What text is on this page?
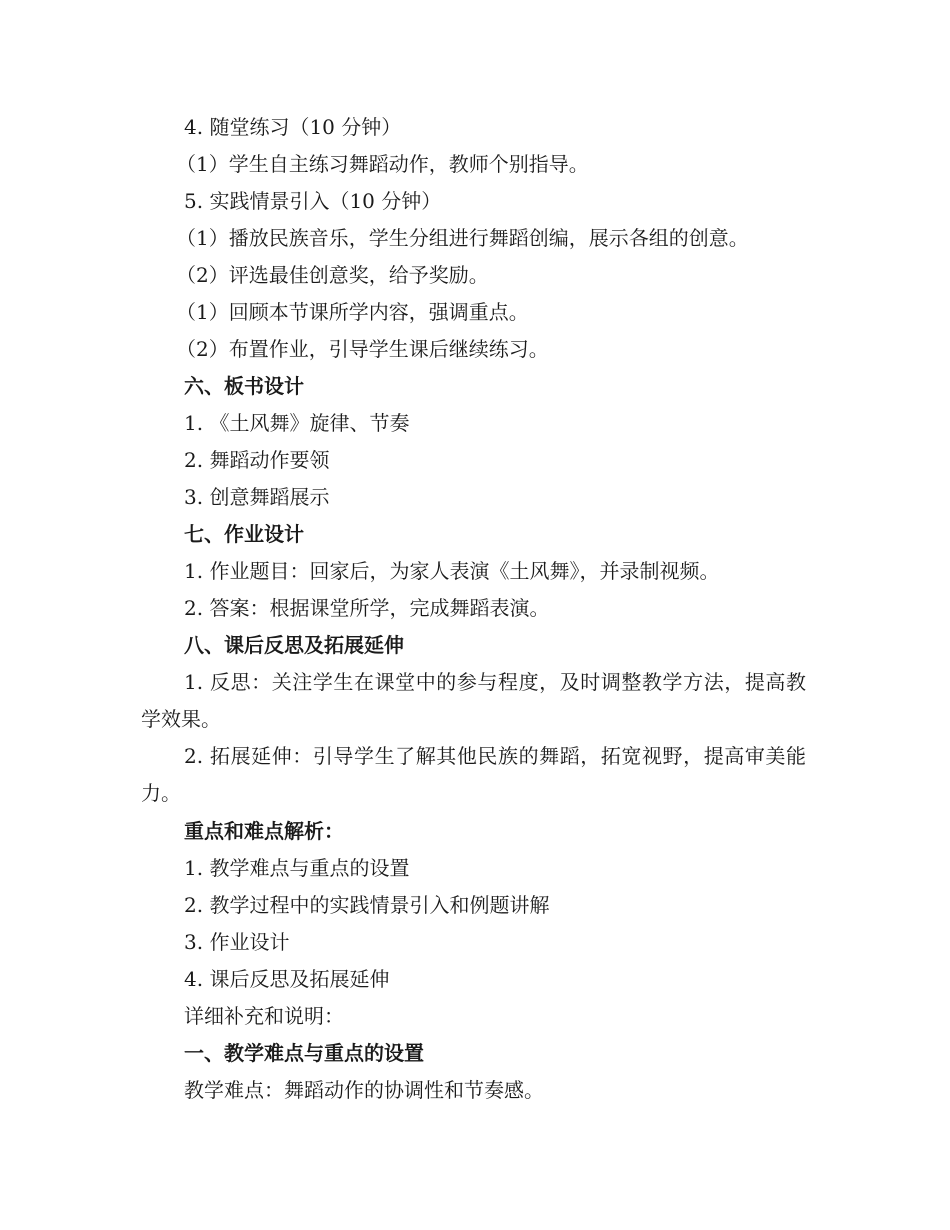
4. 随堂练习（10 分钟）
（1）学生自主练习舞蹈动作，教师个别指导。
5. 实践情景引入（10 分钟）
（1）播放民族音乐，学生分组进行舞蹈创编，展示各组的创意。
（2）评选最佳创意奖，给予奖励。
（1）回顾本节课所学内容，强调重点。
（2）布置作业，引导学生课后继续练习。
六、板书设计
1. 《土风舞》旋律、节奏
2. 舞蹈动作要领
3. 创意舞蹈展示
七、作业设计
1. 作业题目：回家后，为家人表演《土风舞》，并录制视频。
2. 答案：根据课堂所学，完成舞蹈表演。
八、课后反思及拓展延伸
1. 反思：关注学生在课堂中的参与程度，及时调整教学方法，提高教学效果。
2. 拓展延伸：引导学生了解其他民族的舞蹈，拓宽视野，提高审美能力。
重点和难点解析：
1. 教学难点与重点的设置
2. 教学过程中的实践情景引入和例题讲解
3. 作业设计
4. 课后反思及拓展延伸
详细补充和说明：
一、教学难点与重点的设置
教学难点：舞蹈动作的协调性和节奏感。
